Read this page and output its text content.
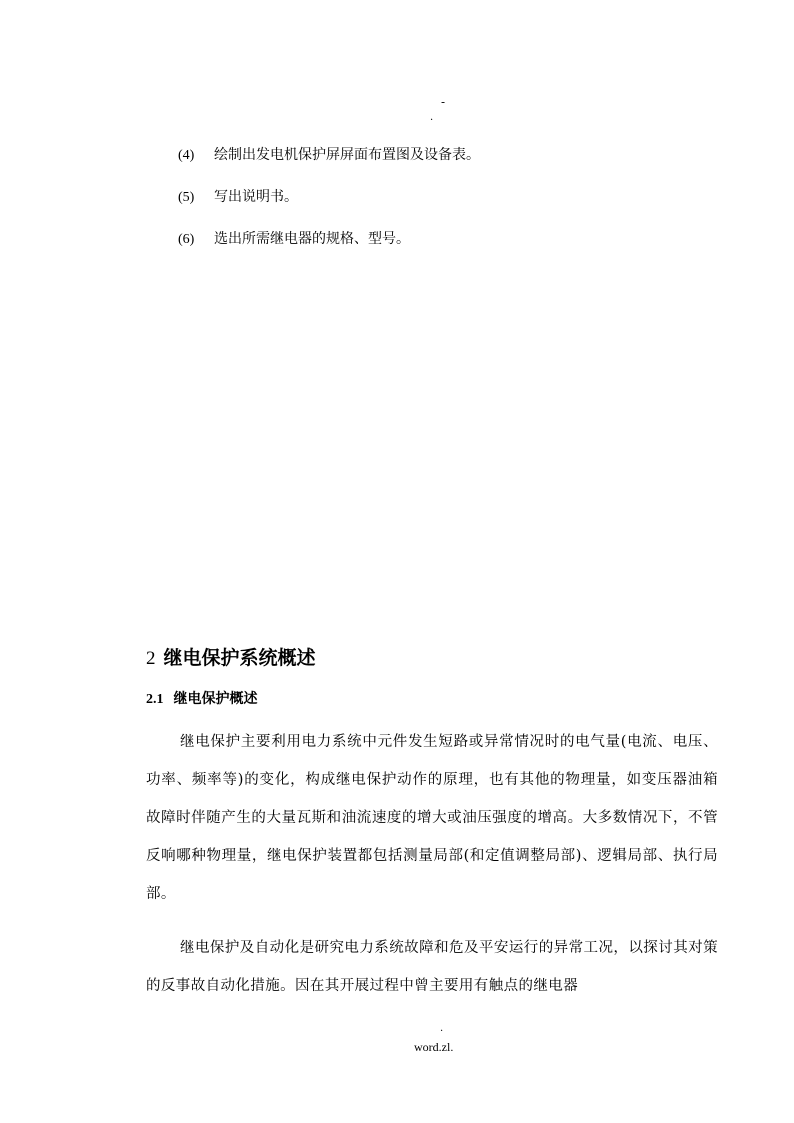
-
.
(4) 绘制出发电机保护屏屏面布置图及设备表。
(5) 写出说明书。
(6) 选出所需继电器的规格、型号。
2 继电保护系统概述
2.1 继电保护概述

继电保护主要利用电力系统中元件发生短路或异常情况时的电气量(电流、电压、功率、频率等)的变化，构成继电保护动作的原理，也有其他的物理量，如变压器油箱故障时伴随产生的大量瓦斯和油流速度的增大或油压强度的增高。大多数情况下，不管反响哪种物理量，继电保护装置都包括测量局部(和定值调整局部)、逻辑局部、执行局部。

继电保护及自动化是研究电力系统故障和危及平安运行的异常工况，以探讨其对策的反事故自动化措施。因在其开展过程中曾主要用有触点的继电器

.
word.zl.
